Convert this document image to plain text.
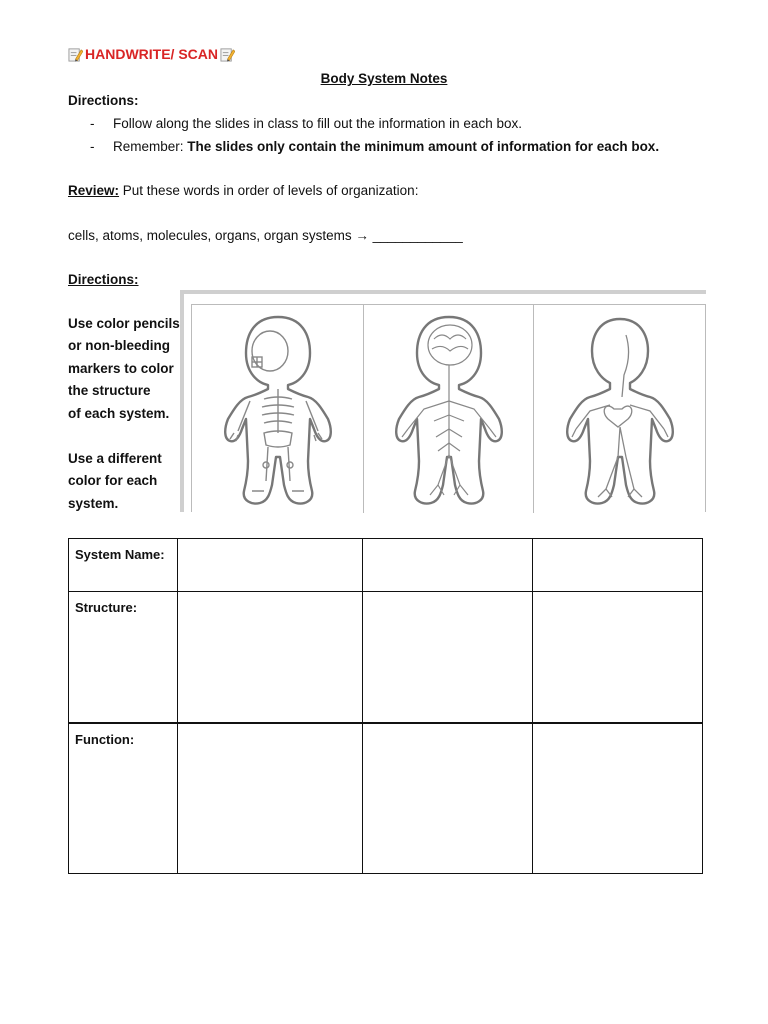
HANDWRITE/ SCAN
Body System Notes
Directions:
- Follow along the slides in class to fill out the information in each box.
- Remember: The slides only contain the minimum amount of information for each box.
Review: Put these words in order of levels of organization:
cells, atoms, molecules, organs, organ systems → ____________
Directions:
Use color pencils
or non-bleeding
markers to color
the structure
of each system.
Use a different
color for each
system.
System Name:			
Structure:			
Function:			
